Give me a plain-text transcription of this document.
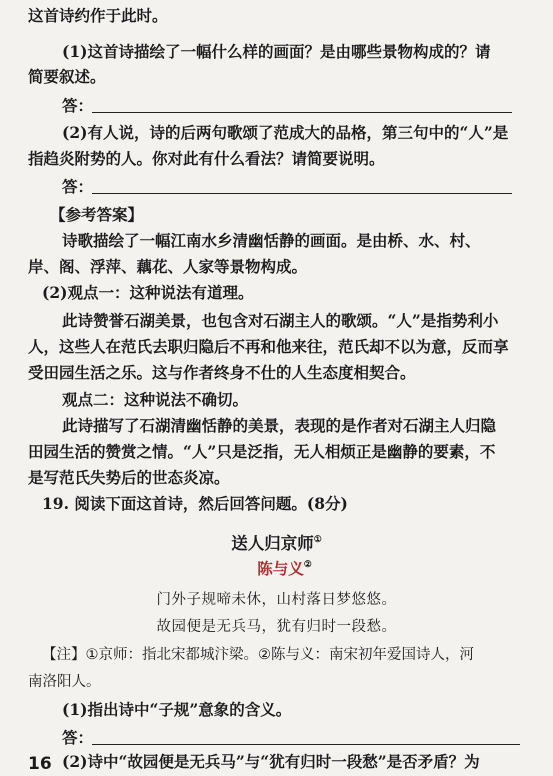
这首诗约作于此时。
(1)这首诗描绘了一幅什么样的画面？是由哪些景物构成的？请
简要叙述。
答：
(2)有人说，诗的后两句歌颂了范成大的品格，第三句中的“人”是
指趋炎附势的人。你对此有什么看法？请简要说明。
答：
【参考答案】
诗歌描绘了一幅江南水乡清幽恬静的画面。是由桥、水、村、
岸、阁、浮萍、藕花、人家等景物构成。
(2)观点一：这种说法有道理。
此诗赞誉石湖美景，也包含对石湖主人的歌颂。“人”是指势利小
人，这些人在范氏去职归隐后不再和他来往，范氏却不以为意，反而享
受田园生活之乐。这与作者终身不仕的人生态度相契合。
观点二：这种说法不确切。
此诗描写了石湖清幽恬静的美景，表现的是作者对石湖主人归隐
田园生活的赞赏之情。“人”只是泛指，无人相烦正是幽静的要素，不
是写范氏失势后的世态炎凉。
19. 阅读下面这首诗，然后回答问题。(8分)
送人归京师①
陈与义②
门外子规啼未休，山村落日梦悠悠。
故园便是无兵马，犹有归时一段愁。
【注】①京师：指北宋都城汴梁。②陈与义：南宋初年爱国诗人，河
南洛阳人。
(1)指出诗中“子规”意象的含义。
答：
(2)诗中“故园便是无兵马”与“犹有归时一段愁”是否矛盾？为
16
